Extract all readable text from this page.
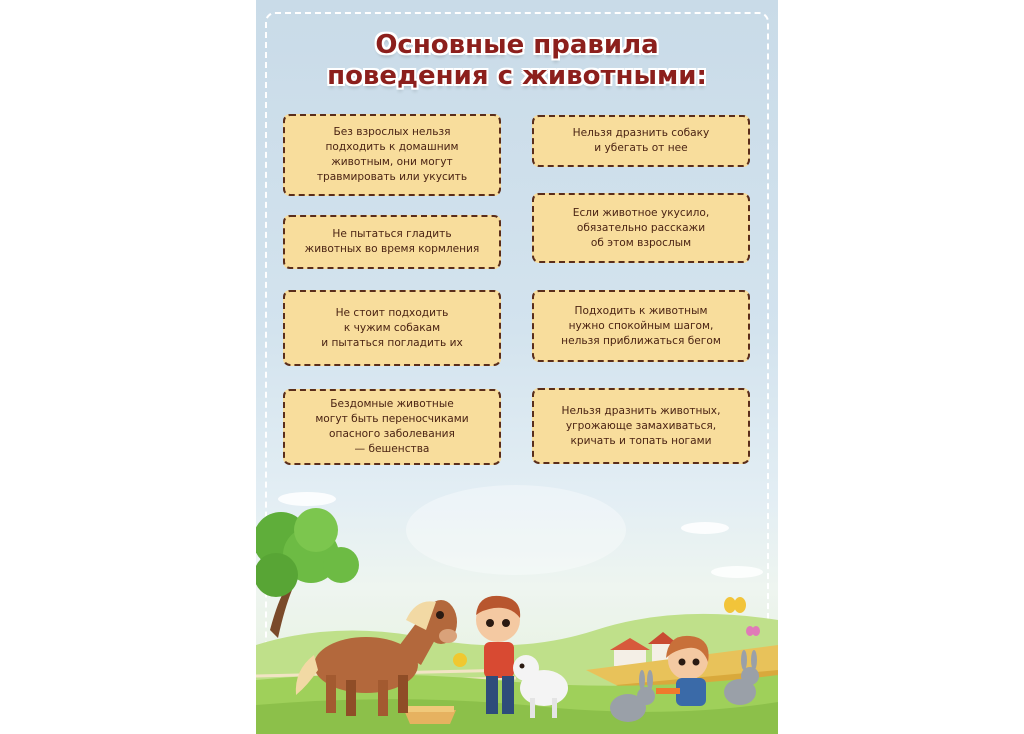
Основные правила
поведения с животными:
Без взрослых нельзя
подходить к домашним
животным, они могут
травмировать или укусить
Не пытаться гладить
животных во время кормления
Не стоит подходить
к чужим собакам
и пытаться погладить их
Бездомные животные
могут быть переносчиками
опасного заболевания
— бешенства
Нельзя дразнить собаку
и убегать от нее
Если животное укусило,
обязательно расскажи
об этом взрослым
Подходить к животным
нужно спокойным шагом,
нельзя приближаться бегом
Нельзя дразнить животных,
угрожающе замахиваться,
кричать и топать ногами
